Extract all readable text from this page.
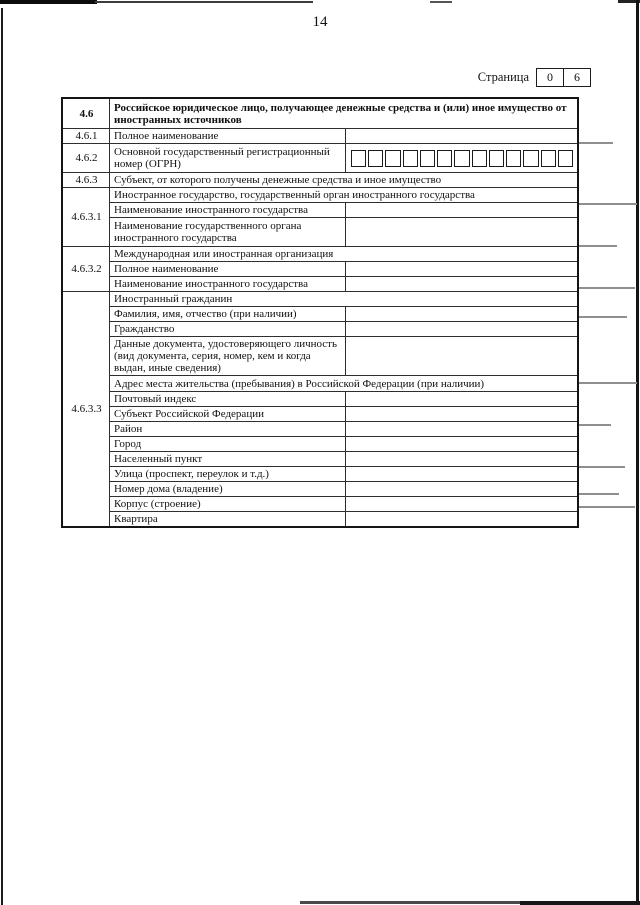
14
Страница	0	6
4.6	Российское юридическое лицо, получающее денежные средства и (или) иное имущество от иностранных источников	
4.6.1	Полное наименование	
4.6.2	Основной государственный регистрационный номер (ОГРН)	

4.6.3	Субъект, от которого получены денежные средства и иное имущество	
4.6.3.1	Иностранное государство, государственный орган иностранного государства	
	Наименование иностранного государства	
	Наименование государственного органа иностранного государства	
4.6.3.2	Международная или иностранная организация	
	Полное наименование	
	Наименование иностранного государства	
4.6.3.3	Иностранный гражданин	
	Фамилия, имя, отчество (при наличии)	
	Гражданство	
	Данные документа, удостоверяющего личность (вид документа, серия, номер, кем и когда выдан, иные сведения)	
	Адрес места жительства (пребывания) в Российской Федерации (при наличии)	
	Почтовый индекс	
	Субъект Российской Федерации	
	Район	
	Город	
	Населенный пункт	
	Улица (проспект, переулок и т.д.)	
	Номер дома (владение)	
	Корпус (строение)	
	Квартира	
